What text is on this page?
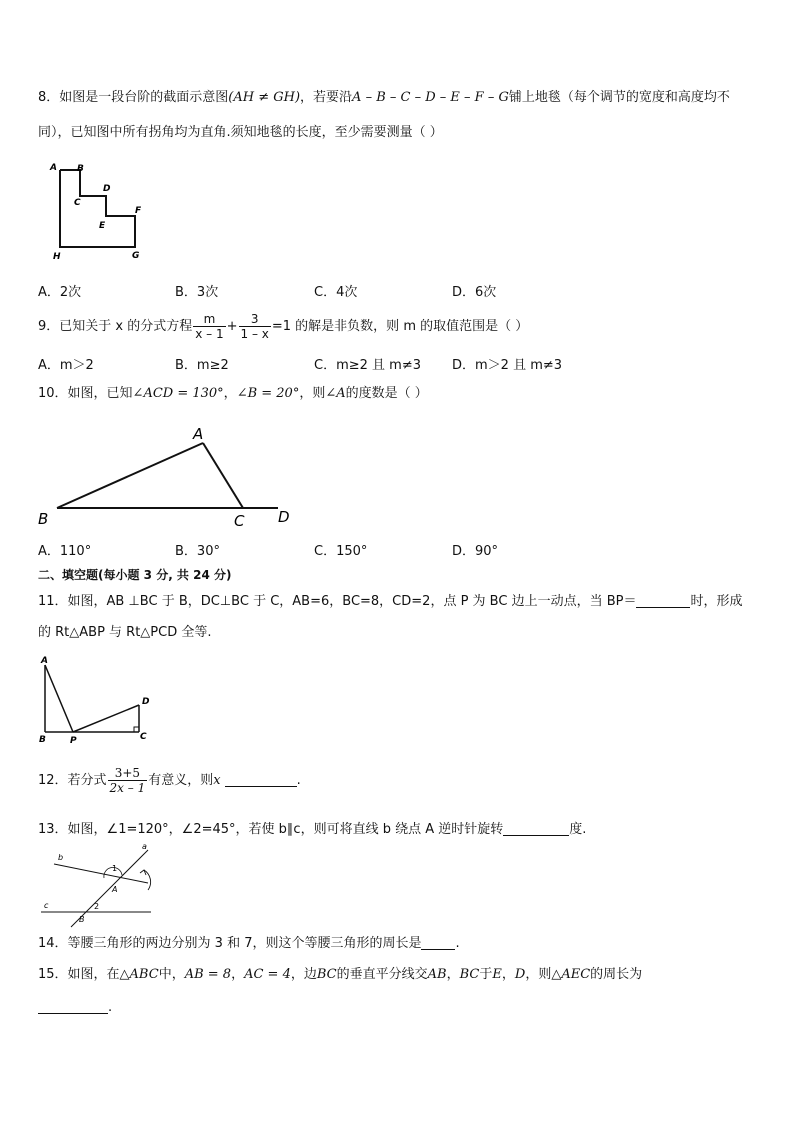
8．如图是一段台阶的截面示意图(AH ≠ GH)，若要沿A – B – C – D – E – F – G铺上地毯（每个调节的宽度和高度均不
同），已知图中所有拐角均为直角.须知地毯的长度，至少需要测量（ ）
A B
C
D
E
F
H	G
A．2次	B．3次	C．4次	D．6次
9．已知关于 x 的分式方程 $\frac{m}{x - 1} + \frac{3}{1 - x} =1$ 的解是非负数，则 m 的取值范围是（ ）
A．m＞2	B．m≥2	C．m≥2 且 m≠3 D．m＞2 且 m≠3
10．如图，已知∠ACD = 130°，∠B = 20°，则∠A的度数是（ ）
A
B	C D
A．110°	B．30°	C．150°	D．90°
二、填空题(每小题 3 分, 共 24 分)
11．如图，AB ⊥BC 于 B，DC⊥BC 于 C，AB=6，BC=8，CD=2，点 P 为 BC 边上一动点，当 BP＝	时，形成
的 Rt△ABP 与 Rt△PCD 全等.
A
D
B	P	C
12．若分式 $\frac{3+5}{2x - 1}$ 有意义，则x	.
13．如图，∠1=120°，∠2=45°，若使 b∥c，则可将直线 b 绕点 A 逆时针旋转	度.
a
b
1
A
c	2
B
14．等腰三角形的两边分别为 3 和 7，则这个等腰三角形的周长是	.
15．如图，在△ABC中，AB = 8，AC = 4，边BC的垂直平分线交AB，BC于E，D，则△AEC的周长为
.
